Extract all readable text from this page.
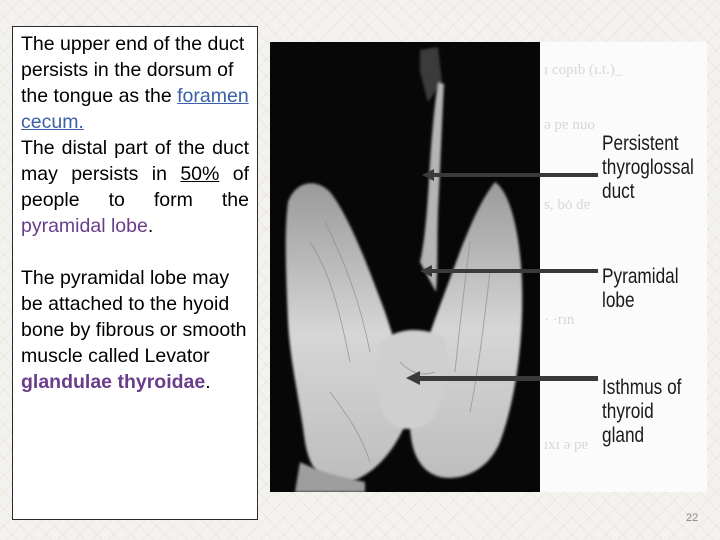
The upper end of the duct persists in the dorsum of the tongue as the foramen cecum.

The distal part of the duct may persists in 50% of people to form the pyramidal lobe.

The pyramidal lobe may be attached to the hyoid bone by fibrous or smooth muscle called Levator glandulae thyroidae.

ı copıb (ı.t.)_
ǝ pɐ nuo
s, bȯ dɐ
· ·rın
ıxı ǝ pɐ
Persistent
thyroglossal
duct
Pyramidal
lobe
Isthmus of
thyroid
gland
22
